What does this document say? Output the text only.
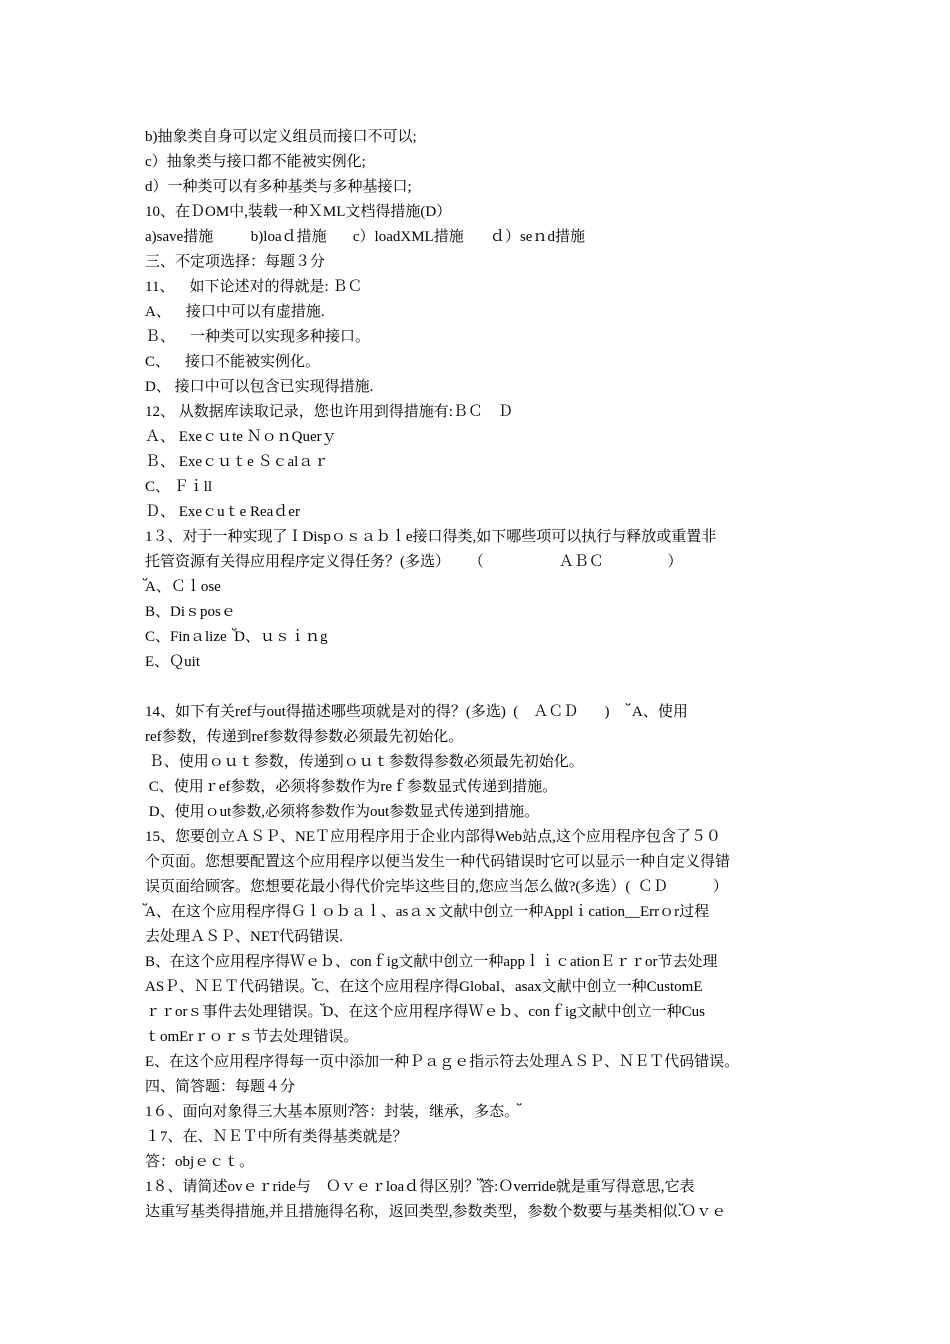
b)抽象类自身可以定义组员而接口不可以;
c）抽象类与接口都不能被实例化;
d）一种类可以有多种基类与多种基接口;
10、在ＤOM中,装载一种ＸML文档得措施(D）
a)save措施          b)loaｄ措施       c）loadXML措施       ｄ）seｎd措施
三、不定项选择：每题３分
11、    如下论述对的得就是: ＢＣ
A、    接口中可以有虚措施.
Ｂ、    一种类可以实现多种接口。
C、    接口不能被实例化。
D、 接口中可以包含已实现得措施.
12、 从数据库读取记录，您也许用到得措施有:ＢＣ    Ｄ
Ａ、 Exeｃｕte ＮｏｎQuerｙ
Ｂ、 Exeｃｕｔe Ｓｃalａｒ
C、 Ｆｉll
Ｄ、 Exeｃuｔe Reaｄer
1３、对于一种实现了ＩDispｏｓａｂｌe接口得类,如下哪些项可以执行与释放或重置非
托管资源有关得应用程序定义得任务？(多选）     （                    ＡＢＣ                 ）
ﬞA、Ｃｌose
B、Diｓposｅ
C、Finａlize  ﬞD、ｕｓｉｎg
E、Ｑuit
14、如下有关ref与out得描述哪些项就是对的得？(多选)  (    ＡＣＤ       )     ﬞ A、使用
ref参数，传递到ref参数得参数必须最先初始化。
Ｂ、使用ｏｕｔ参数，传递到ｏｕｔ参数得参数必须最先初始化。
C、使用ｒef参数，必须将参数作为reｆ参数显式传递到措施。
D、使用ｏut参数,必须将参数作为out参数显式传递到措施。
15、您要创立ＡＳＰ、NEＴ应用程序用于企业内部得Web站点,这个应用程序包含了５０
个页面。您想要配置这个应用程序以便当发生一种代码错误时它可以显示一种自定义得错
误页面给顾客。您想要花最小得代价完毕这些目的,您应当怎么做?(多选）(  ＣＤ            ）
ﬞA、在这个应用程序得Ｇｌｏｂａｌ、asａｘ文献中创立一种Applｉcation__Errｏr过程
去处理ＡＳＰ、NET代码错误.
B、在这个应用程序得Ｗｅｂ、conｆig文献中创立一种appｌｉｃationＥｒｒor节去处理
ASＰ、ＮＥＴ代码错误。ﬞC、在这个应用程序得Global、asax文献中创立一种CustomE
ｒｒorｓ事件去处理错误。ﬞD、在这个应用程序得Ｗｅｂ、conｆig文献中创立一种Cus
ｔomErｒｏｒｓ节去处理错误。
E、在这个应用程序得每一页中添加一种Ｐａｇｅ指示符去处理ＡＳＰ、ＮＥＴ代码错误。
四、简答题：每题４分
1６、面向对象得三大基本原则?ﬞ答：封装，继承，多态。ﬞ
１7、在、ＮＥＴ中所有类得基类就是？
答：objｅｃｔ。
1８、请简述ovｅｒride与    Ｏｖｅｒloaｄ得区别？ﬞ答:Ｏverride就是重写得意思,它表
达重写基类得措施,并且措施得名称，返回类型,参数类型，参数个数要与基类相似.ﬞＯｖｅ
